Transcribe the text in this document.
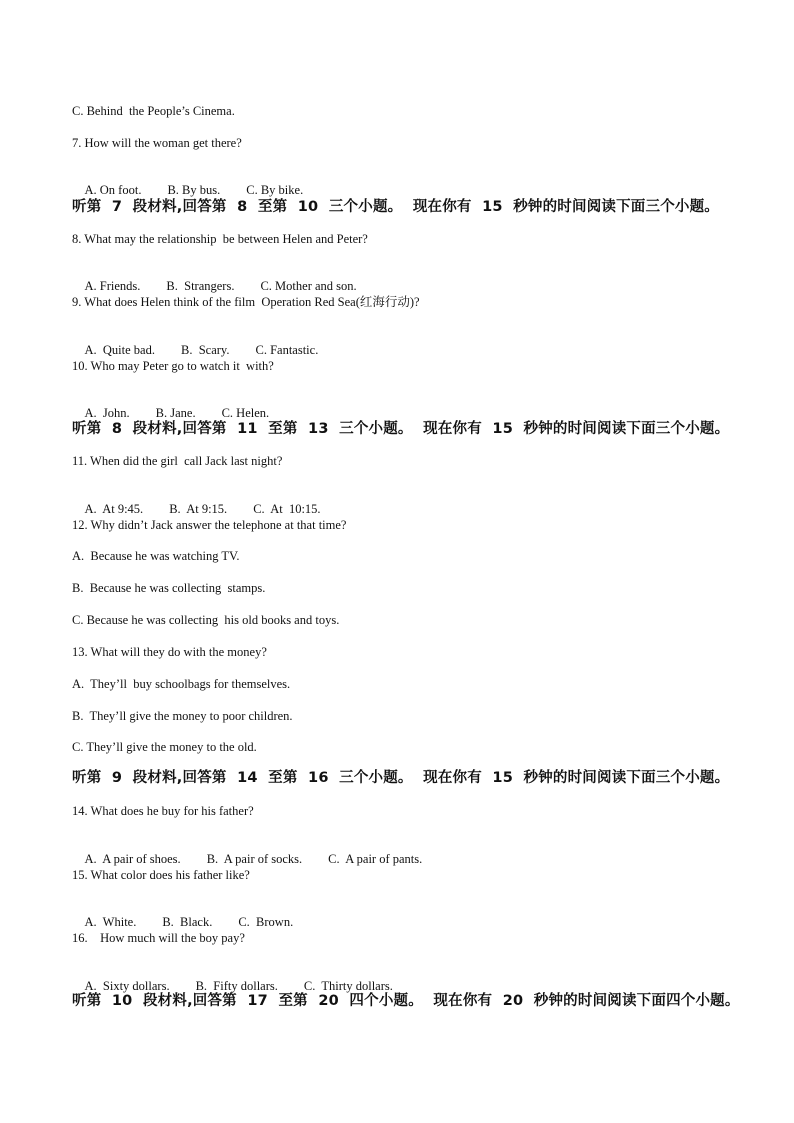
C. Behind  the People’s Cinema.
7. How will the woman get there?

A. On foot. B. By bus. C. By bike.

听第  7  段材料,回答第  8  至第  10  三个小题。  现在你有  15  秒钟的时间阅读下面三个小题。
8. What may the relationship  be between Helen and Peter?

A. Friends. B.  Strangers. C. Mother and son.

9. What does Helen think of the film  Operation Red Sea(红海行动)?

A.  Quite bad. B.  Scary. C. Fantastic.

10. Who may Peter go to watch it  with?

A.  John. B. Jane. C. Helen.

听第  8  段材料,回答第  11  至第  13  三个小题。  现在你有  15  秒钟的时间阅读下面三个小题。
11. When did the girl  call Jack last night?

A.  At 9:45. B.  At 9:15. C.  At  10:15.

12. Why didn’t Jack answer the telephone at that time?
A.  Because he was watching TV.
B.  Because he was collecting  stamps.
C. Because he was collecting  his old books and toys.
13. What will they do with the money?
A.  They’ll  buy schoolbags for themselves.
B.  They’ll give the money to poor children.
C. They’ll give the money to the old.
听第  9  段材料,回答第  14  至第  16  三个小题。  现在你有  15  秒钟的时间阅读下面三个小题。
14. What does he buy for his father?

A.  A pair of shoes. B.  A pair of socks. C.  A pair of pants.

15. What color does his father like?

A.  White. B.  Black. C.  Brown.

16.    How much will the boy pay?

A.  Sixty dollars. B.  Fifty dollars. C.  Thirty dollars.

听第  10  段材料,回答第  17  至第  20  四个小题。  现在你有  20  秒钟的时间阅读下面四个小题。
